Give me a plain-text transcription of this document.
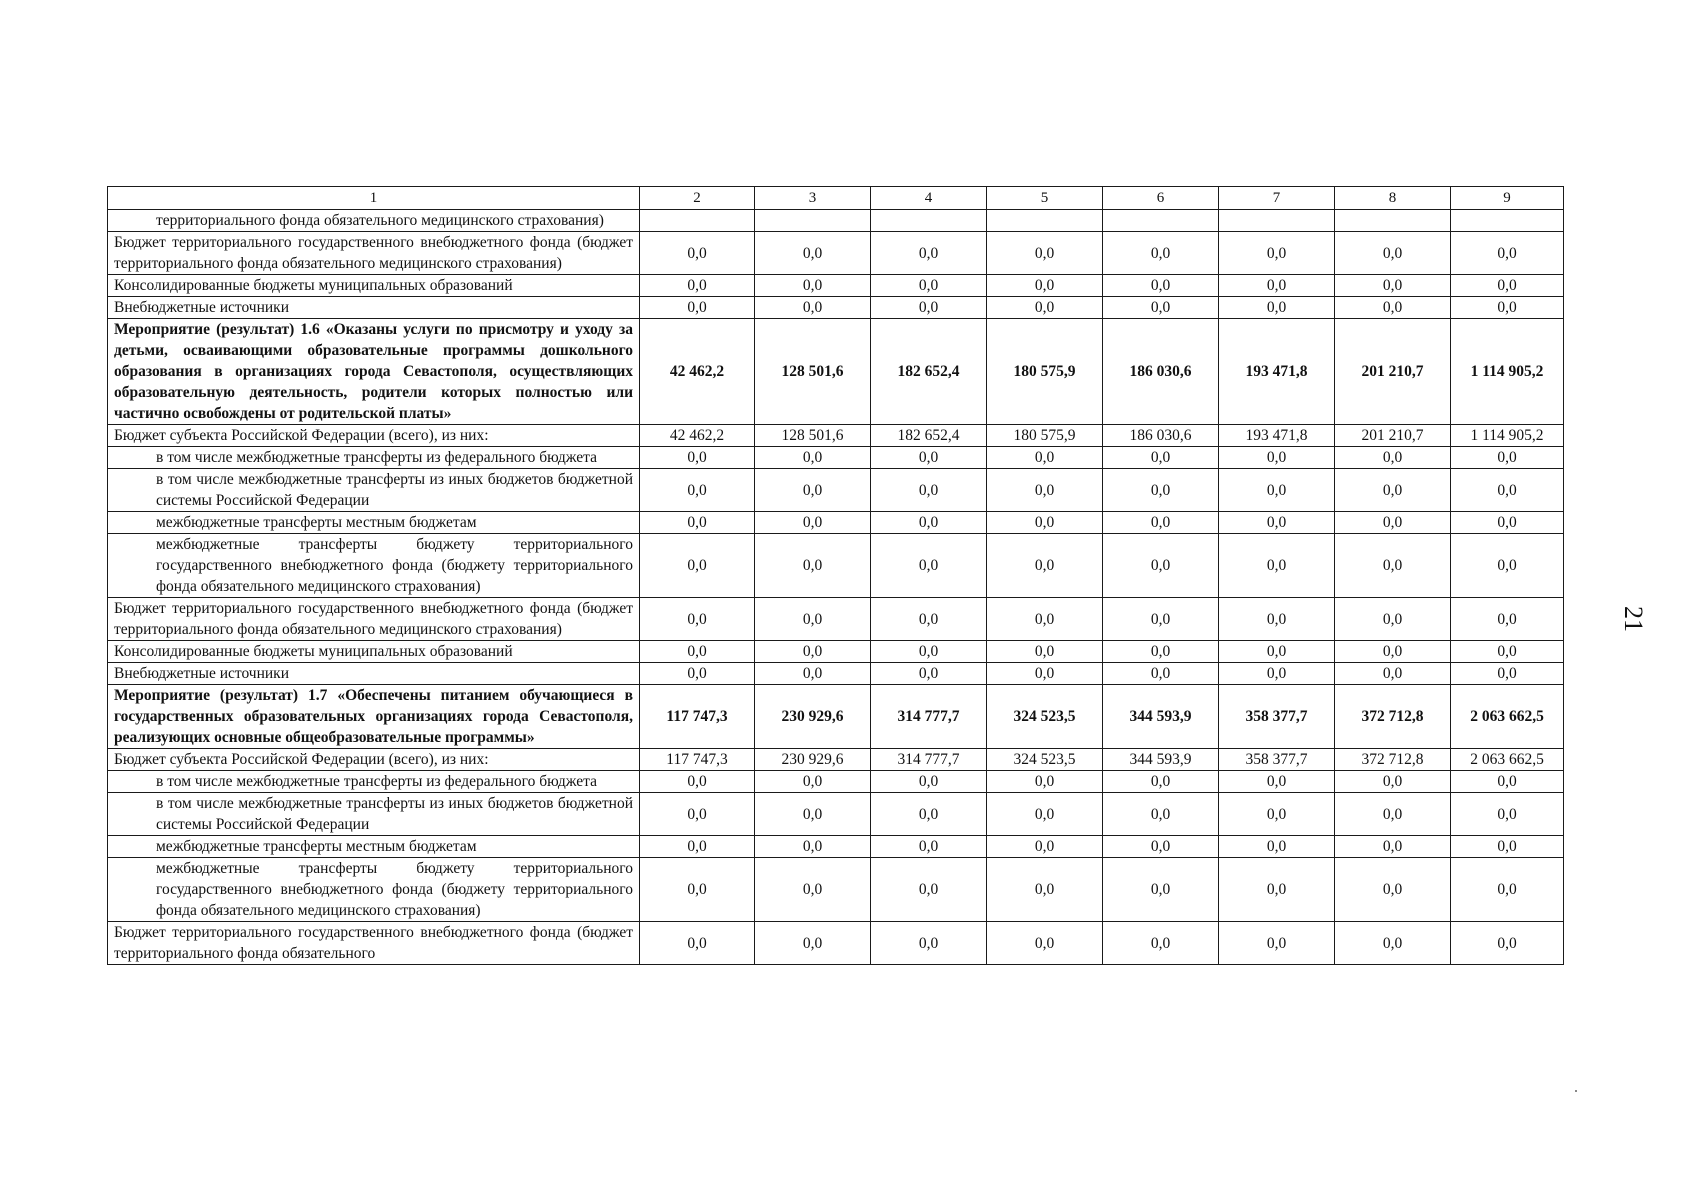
1	2	3	4	5	6	7	8	9
территориального фонда обязательного медицинского страхования)								
Бюджет территориального государственного внебюджетного фонда (бюджет территориального фонда обязательного медицинского страхования)	0,0	0,0	0,0	0,0	0,0	0,0	0,0	0,0
Консолидированные бюджеты муниципальных образований	0,0	0,0	0,0	0,0	0,0	0,0	0,0	0,0
Внебюджетные источники	0,0	0,0	0,0	0,0	0,0	0,0	0,0	0,0
Мероприятие (результат) 1.6 «Оказаны услуги по присмотру и уходу за детьми, осваивающими образовательные программы дошкольного образования в организациях города Севастополя, осуществляющих образовательную деятельность, родители которых полностью или частично освобождены от родительской платы»	42 462,2	128 501,6	182 652,4	180 575,9	186 030,6	193 471,8	201 210,7	1 114 905,2
Бюджет субъекта Российской Федерации (всего), из них:	42 462,2	128 501,6	182 652,4	180 575,9	186 030,6	193 471,8	201 210,7	1 114 905,2
в том числе межбюджетные трансферты из федерального бюджета	0,0	0,0	0,0	0,0	0,0	0,0	0,0	0,0
в том числе межбюджетные трансферты из иных бюджетов бюджетной системы Российской Федерации	0,0	0,0	0,0	0,0	0,0	0,0	0,0	0,0
межбюджетные трансферты местным бюджетам	0,0	0,0	0,0	0,0	0,0	0,0	0,0	0,0
межбюджетные трансферты бюджету территориального государственного внебюджетного фонда (бюджету территориального фонда обязательного медицинского страхования)	0,0	0,0	0,0	0,0	0,0	0,0	0,0	0,0
Бюджет территориального государственного внебюджетного фонда (бюджет территориального фонда обязательного медицинского страхования)	0,0	0,0	0,0	0,0	0,0	0,0	0,0	0,0
Консолидированные бюджеты муниципальных образований	0,0	0,0	0,0	0,0	0,0	0,0	0,0	0,0
Внебюджетные источники	0,0	0,0	0,0	0,0	0,0	0,0	0,0	0,0
Мероприятие (результат) 1.7 «Обеспечены питанием обучающиеся в государственных образовательных организациях города Севастополя, реализующих основные общеобразовательные программы»	117 747,3	230 929,6	314 777,7	324 523,5	344 593,9	358 377,7	372 712,8	2 063 662,5
Бюджет субъекта Российской Федерации (всего), из них:	117 747,3	230 929,6	314 777,7	324 523,5	344 593,9	358 377,7	372 712,8	2 063 662,5
в том числе межбюджетные трансферты из федерального бюджета	0,0	0,0	0,0	0,0	0,0	0,0	0,0	0,0
в том числе межбюджетные трансферты из иных бюджетов бюджетной системы Российской Федерации	0,0	0,0	0,0	0,0	0,0	0,0	0,0	0,0
межбюджетные трансферты местным бюджетам	0,0	0,0	0,0	0,0	0,0	0,0	0,0	0,0
межбюджетные трансферты бюджету территориального государственного внебюджетного фонда (бюджету территориального фонда обязательного медицинского страхования)	0,0	0,0	0,0	0,0	0,0	0,0	0,0	0,0
Бюджет территориального государственного внебюджетного фонда (бюджет территориального фонда обязательного	0,0	0,0	0,0	0,0	0,0	0,0	0,0	0,0
21
